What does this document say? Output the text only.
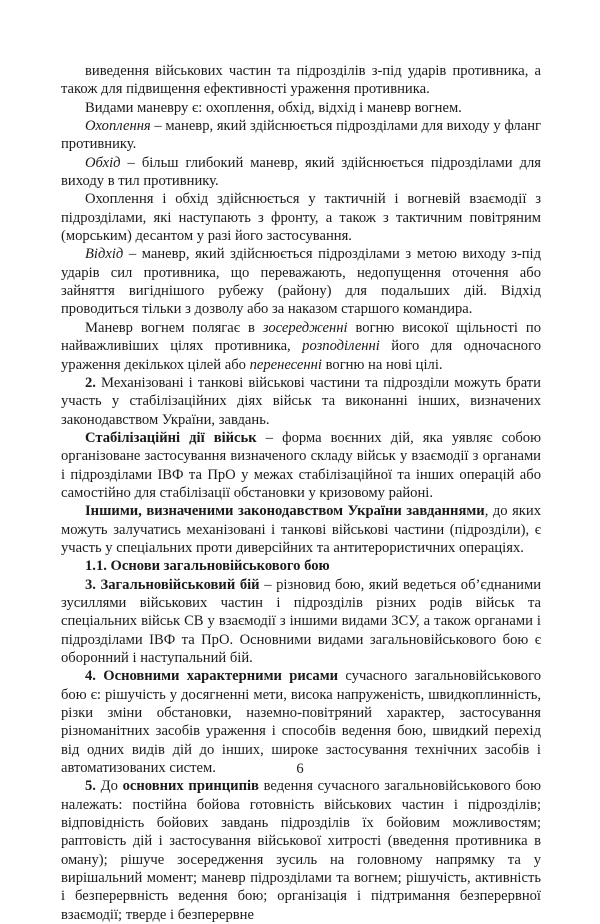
виведення військових частин та підрозділів з-під ударів противника, а також для підвищення ефективності ураження противника.

Видами маневру є: охоплення, обхід, відхід і маневр вогнем.

Охоплення – маневр, який здійснюється підрозділами для виходу у фланг противнику.

Обхід – більш глибокий маневр, який здійснюється підрозділами для виходу в тил противнику.

Охоплення і обхід здійснюється у тактичній і вогневій взаємодії з підрозділами, які наступають з фронту, а також з тактичним повітряним (морським) десантом у разі його застосування.

Відхід – маневр, який здійснюється підрозділами з метою виходу з-під ударів сил противника, що переважають, недопущення оточення або зайняття вигіднішого рубежу (району) для подальших дій. Відхід проводиться тільки з дозволу або за наказом старшого командира.

Маневр вогнем полягає в зосередженні вогню високої щільності по найважливіших цілях противника, розподіленні його для одночасного ураження декількох цілей або перенесенні вогню на нові цілі.

2. Механізовані і танкові військові частини та підрозділи можуть брати участь у стабілізаційних діях військ та виконанні інших, визначених законодавством України, завдань.

Стабілізаційні дії військ – форма воєнних дій, яка уявляє собою організоване застосування визначеного складу військ у взаємодії з органами і підрозділами ІВФ та ПрО у межах стабілізаційної та інших операцій або самостійно для стабілізації обстановки у кризовому районі.

Іншими, визначеними законодавством України завданнями, до яких можуть залучатись механізовані і танкові військові частини (підрозділи), є участь у спеціальних проти диверсійних та антитерористичних операціях.

1.1. Основи загальновійськового бою

3. Загальновійськовий бій – різновид бою, який ведеться об’єднаними зусиллями військових частин і підрозділів різних родів військ та спеціальних військ СВ у взаємодії з іншими видами ЗСУ, а також органами і підрозділами ІВФ та ПрО. Основними видами загальновійськового бою є оборонний і наступальний бій.

4. Основними характерними рисами сучасного загальновійськового бою є: рішучість у досягненні мети, висока напруженість, швидкоплинність, різки зміни обстановки, наземно-повітряний характер, застосування різноманітних засобів ураження і способів ведення бою, швидкий перехід від одних видів дій до інших, широке застосування технічних засобів і автоматизованих систем.

5. До основних принципів ведення сучасного загальновійськового бою належать: постійна бойова готовність військових частин і підрозділів; відповідність бойових завдань підрозділів їх бойовим можливостям; раптовість дій і застосування військової хитрості (введення противника в оману); рішуче зосередження зусиль на головному напрямку та у вирішальний момент; маневр підрозділами та вогнем; рішучість, активність і безперервність ведення бою; організація і підтримання безперервної взаємодії; тверде і безперервне

6
